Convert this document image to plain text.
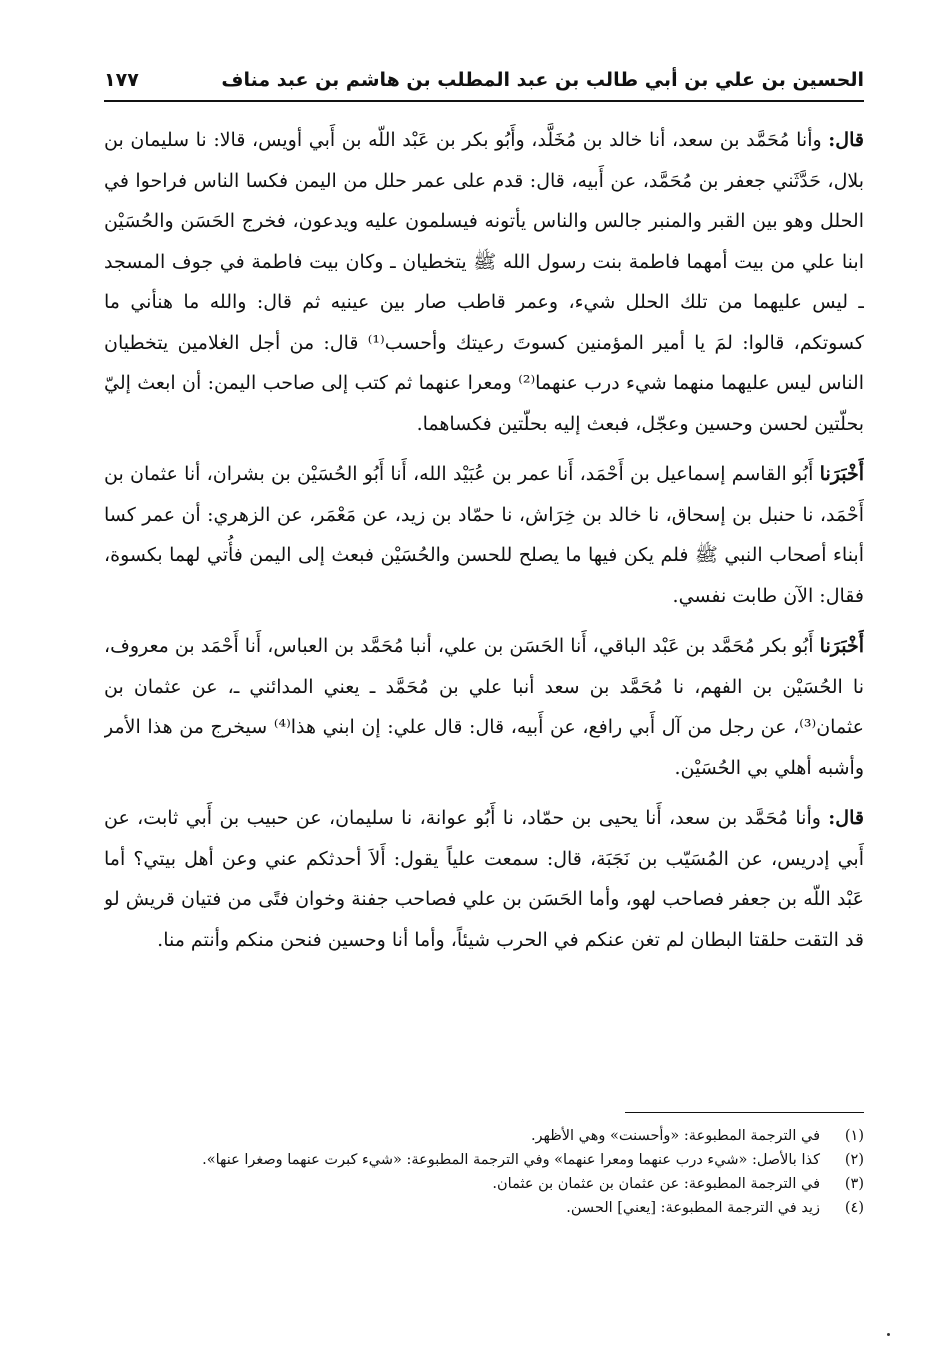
الحسين بن علي بن أبي طالب بن عبد المطلب بن هاشم بن عبد مناف
١٧٧

قال: وأنا مُحَمَّد بن سعد، أنا خالد بن مُخَلَّد، وأَبُو بكر بن عَبْد اللّه بن أَبي أويس، قالا: نا سليمان بن بلال، حَدَّثَني جعفر بن مُحَمَّد، عن أَبيه، قال: قدم على عمر حلل من اليمن فكسا الناس فراحوا في الحلل وهو بين القبر والمنبر جالس والناس يأتونه فيسلمون عليه ويدعون، فخرج الحَسَن والحُسَيْن ابنا علي من بيت أمهما فاطمة بنت رسول الله ﷺ يتخطيان ـ وكان بيت فاطمة في جوف المسجد ـ ليس عليهما من تلك الحلل شيء، وعمر قاطب صار بين عينيه ثم قال: والله ما هنأني ما كسوتكم، قالوا: لمَ يا أمير المؤمنين كسوتَ رعيتك وأحسب⁽¹⁾ قال: من أجل الغلامين يتخطيان الناس ليس عليهما منهما شيء درب عنهما⁽²⁾ ومعرا عنهما ثم كتب إلى صاحب اليمن: أن ابعث إليّ بحلّتين لحسن وحسين وعجّل، فبعث إليه بحلّتين فكساهما.

أَخْبَرَنا أَبُو القاسم إسماعيل بن أَحْمَد، أَنا عمر بن عُبَيْد الله، أَنا أَبُو الحُسَيْن بن بشران، أنا عثمان بن أَحْمَد، نا حنبل بن إسحاق، نا خالد بن خِرَاش، نا حمّاد بن زيد، عن مَعْمَر، عن الزهري: أن عمر كسا أبناء أصحاب النبي ﷺ فلم يكن فيها ما يصلح للحسن والحُسَيْن فبعث إلى اليمن فأُتي لهما بكسوة، فقال: الآن طابت نفسي.

أَخْبَرَنا أَبُو بكر مُحَمَّد بن عَبْد الباقي، أَنا الحَسَن بن علي، أنبا مُحَمَّد بن العباس، أَنا أَحْمَد بن معروف، نا الحُسَيْن بن الفهم، نا مُحَمَّد بن سعد أنبا علي بن مُحَمَّد ـ يعني المدائني ـ، عن عثمان بن عثمان⁽³⁾، عن رجل من آل أَبي رافع، عن أَبيه، قال: قال علي: إن ابني هذا⁽⁴⁾ سيخرج من هذا الأمر وأشبه أهلي بي الحُسَيْن.

قال: وأنا مُحَمَّد بن سعد، أَنا يحيى بن حمّاد، نا أَبُو عوانة، نا سليمان، عن حبيب بن أَبي ثابت، عن أَبي إدريس، عن المُسَيّب بن نَجَبَة، قال: سمعت علياً يقول: أَلاَ أحدثكم عني وعن أهل بيتي؟ أما عَبْد اللّه بن جعفر فصاحب لهو، وأما الحَسَن بن علي فصاحب جفنة وخوان فتًى من فتيان قريش لو قد التقت حلقتا البطان لم تغن عنكم في الحرب شيئاً، وأما أنا وحسين فنحن منكم وأنتم منا.

(١)
في الترجمة المطبوعة: «وأحسنت» وهي الأظهر.
(٢)
كذا بالأصل: «شيء درب عنهما ومعرا عنهما» وفي الترجمة المطبوعة: «شيء كبرت عنهما وصغرا عنها».
(٣)
في الترجمة المطبوعة: عن عثمان بن عثمان بن عثمان.
(٤)
زيد في الترجمة المطبوعة: [يعني] الحسن.
